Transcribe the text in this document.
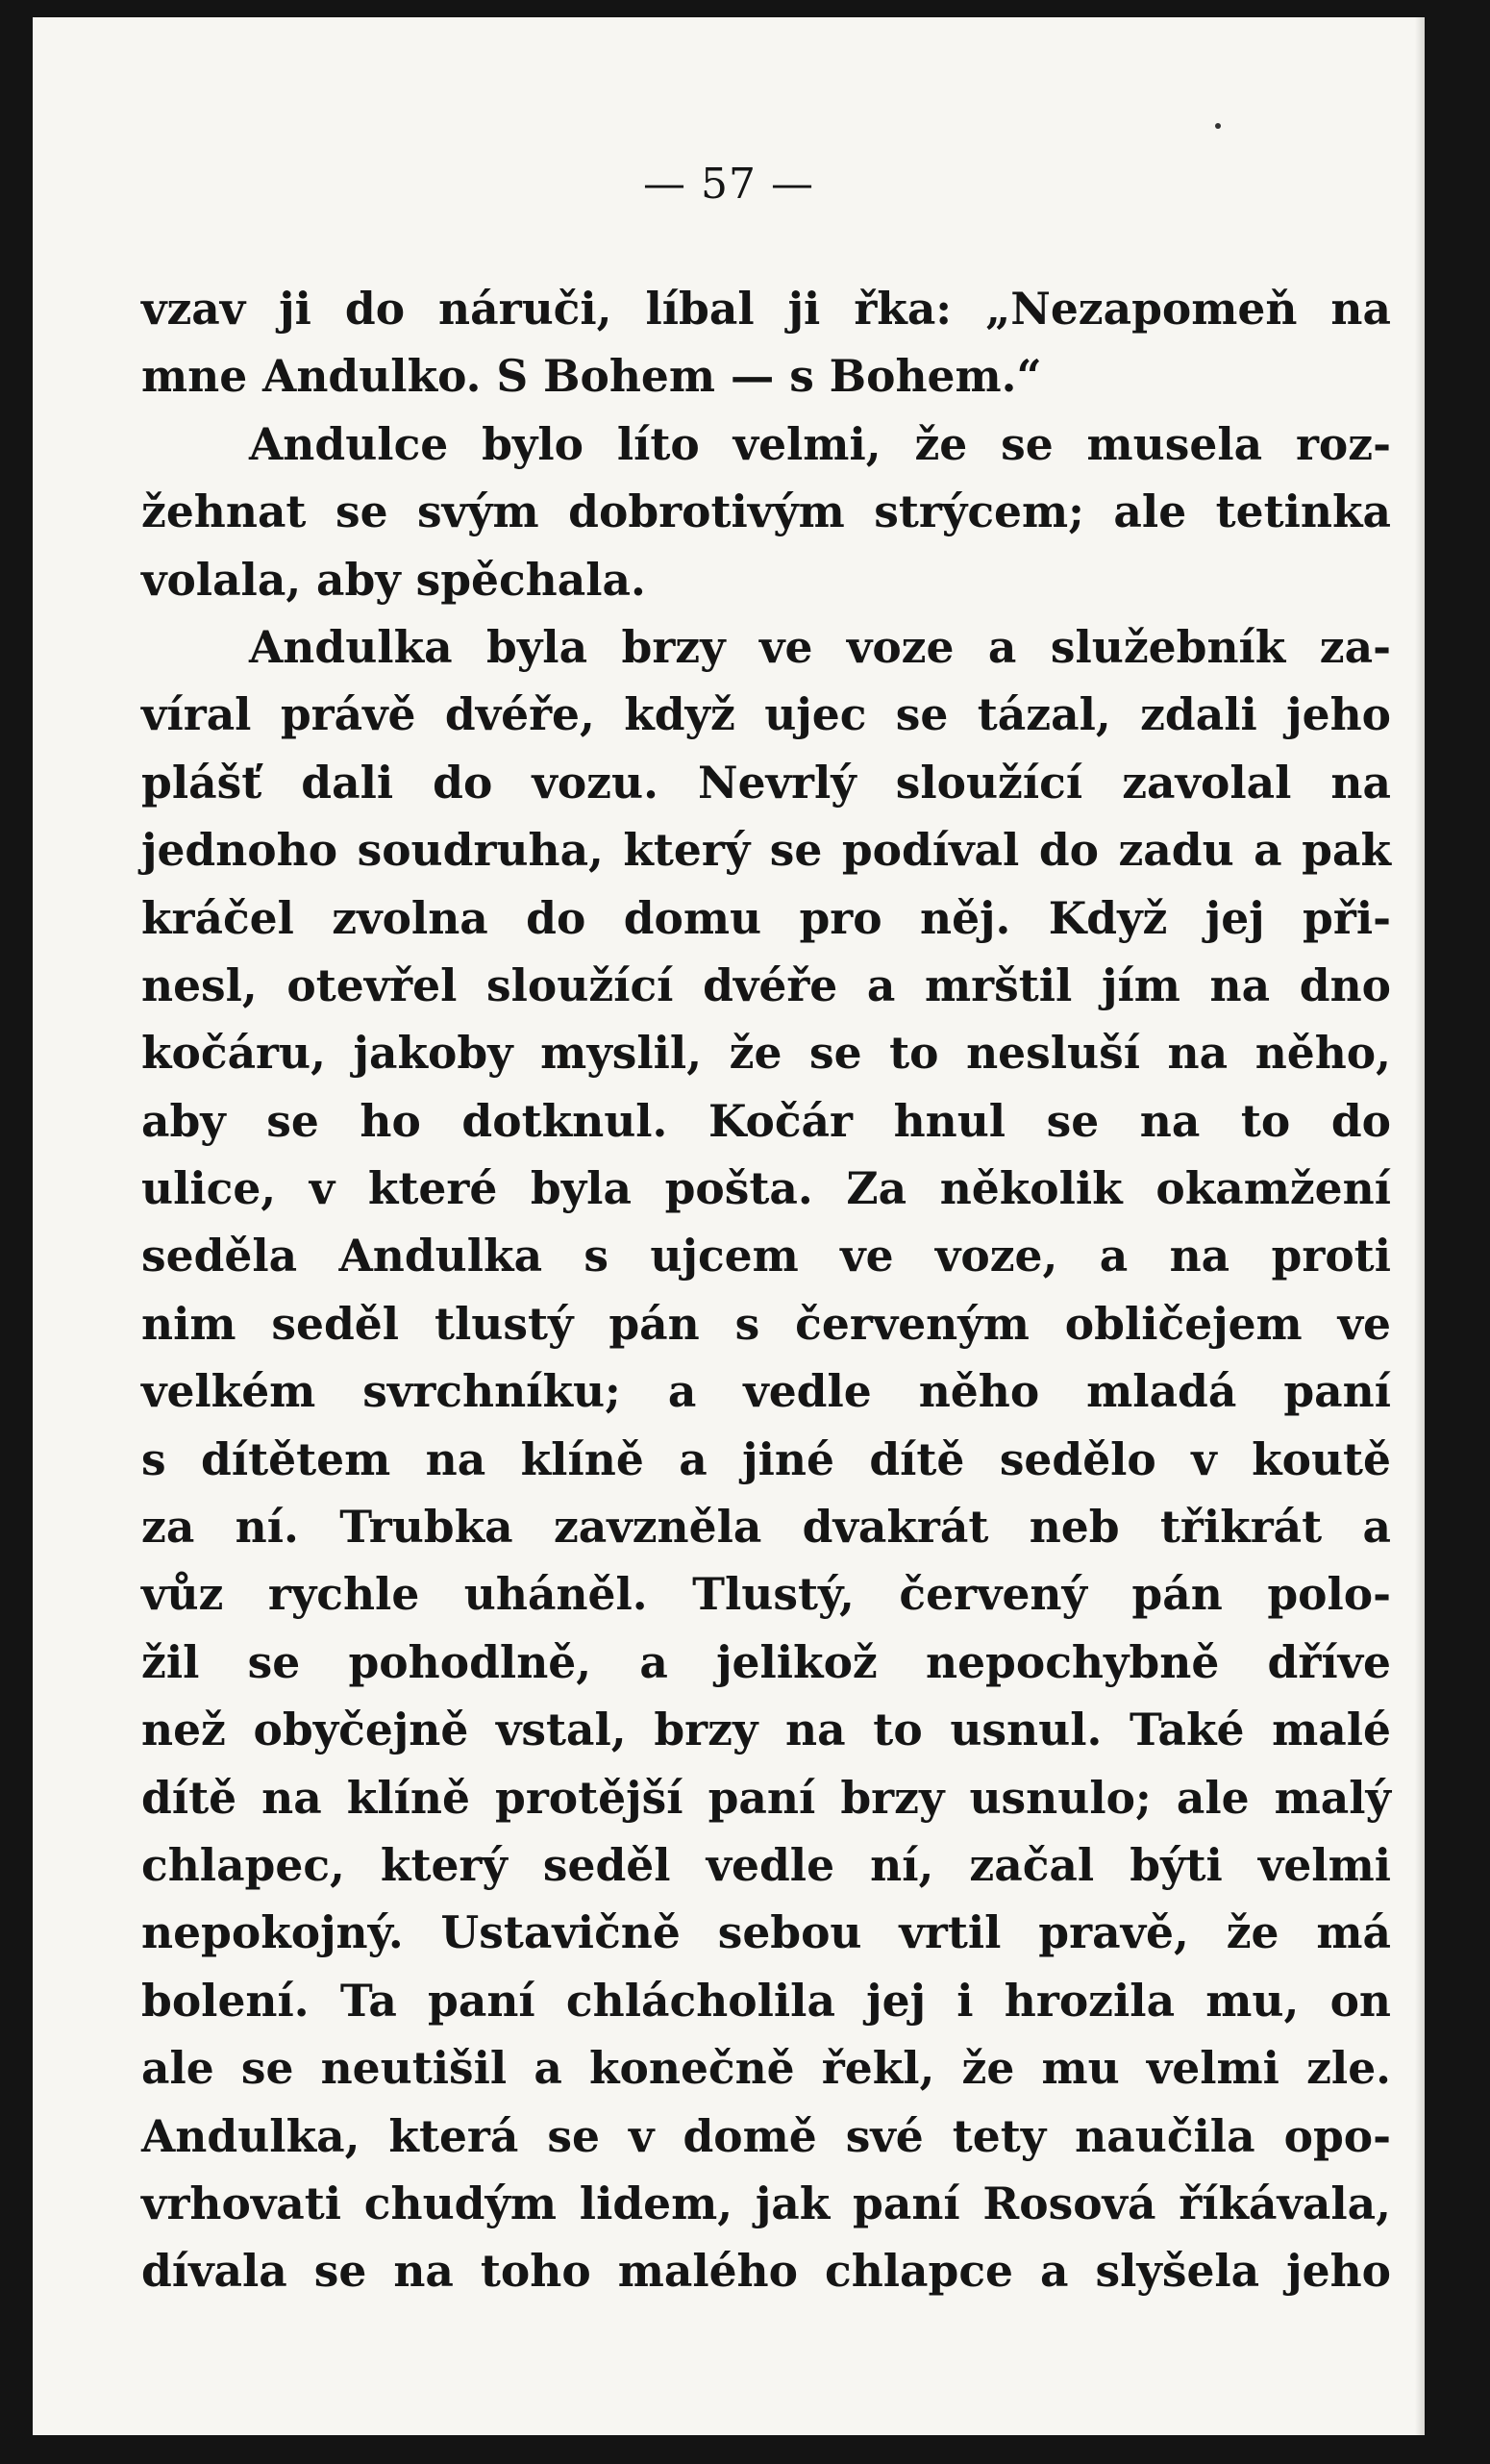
— 57 —
vzav ji do náruči, líbal ji řka: „Nezapomeň na
mne Andulko. S Bohem — s Bohem.“
Andulce bylo líto velmi, že se musela roz-
žehnat se svým dobrotivým strýcem; ale tetinka
volala, aby spěchala.
Andulka byla brzy ve voze a služebník za-
víral právě dvéře, když ujec se tázal, zdali jeho
plášť dali do vozu. Nevrlý sloužící zavolal na
jednoho soudruha, který se podíval do zadu a pak
kráčel zvolna do domu pro něj. Když jej při-
nesl, otevřel sloužící dvéře a mrštil jím na dno
kočáru, jakoby myslil, že se to nesluší na něho,
aby se ho dotknul. Kočár hnul se na to do
ulice, v které byla pošta. Za několik okamžení
seděla Andulka s ujcem ve voze, a na proti
nim seděl tlustý pán s červeným obličejem ve
velkém svrchníku; a vedle něho mladá paní
s dítětem na klíně a jiné dítě sedělo v koutě
za ní. Trubka zavzněla dvakrát neb třikrát a
vůz rychle uháněl. Tlustý, červený pán polo-
žil se pohodlně, a jelikož nepochybně dříve
než obyčejně vstal, brzy na to usnul. Také malé
dítě na klíně protější paní brzy usnulo; ale malý
chlapec, který seděl vedle ní, začal býti velmi
nepokojný. Ustavičně sebou vrtil pravě, že má
bolení. Ta paní chlácholila jej i hrozila mu, on
ale se neutišil a konečně řekl, že mu velmi zle.
Andulka, která se v domě své tety naučila opo-
vrhovati chudým lidem, jak paní Rosová říkávala,
dívala se na toho malého chlapce a slyšela jeho
